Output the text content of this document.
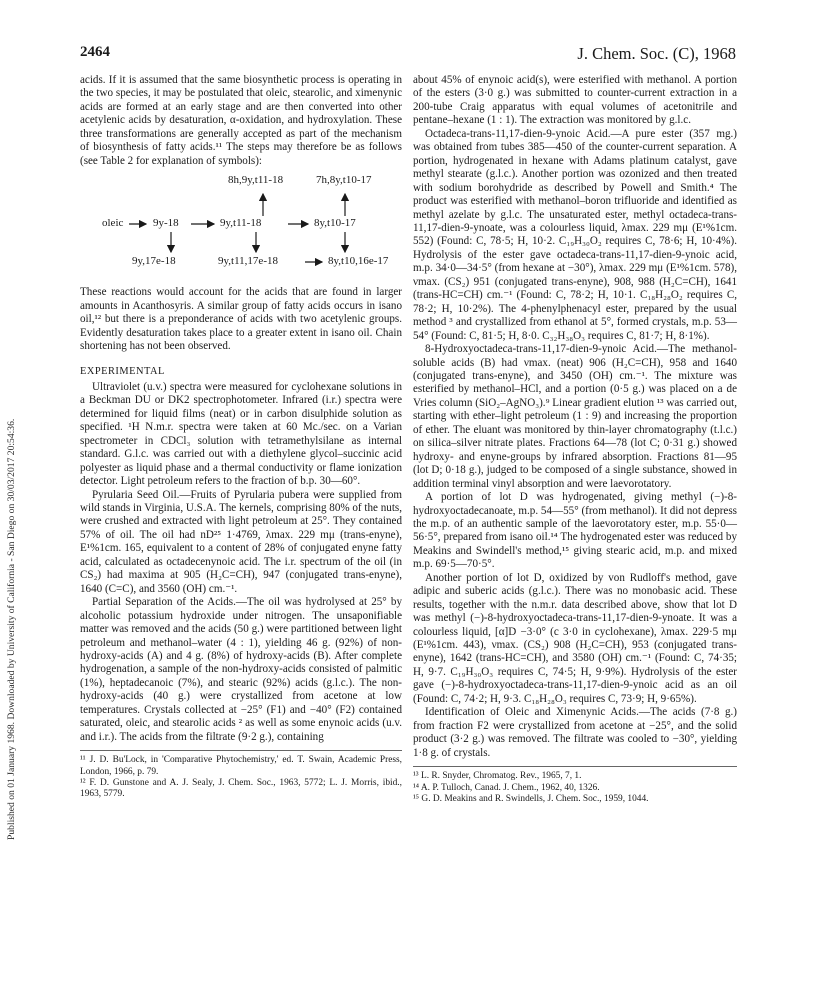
Published on 01 January 1968. Downloaded by University of California - San Diego on 30/03/2017 20:54:36.
2464	J. Chem. Soc. (C), 1968

acids. If it is assumed that the same biosynthetic process is operating in the two species, it may be postulated that oleic, stearolic, and ximenynic acids are formed at an early stage and are then converted into other acetylenic acids by desaturation, α-oxidation, and hydroxylation. These three transformations are generally accepted as part of the mechanism of biosynthesis of fatty acids.¹¹ The steps may therefore be as follows (see Table 2 for explanation of symbols):

8h,9y,t11-18	7h,8y,t10-17
oleic	9y-18	9y,t11-18	8y,t10-17
9y,17e-18	9y,t11,17e-18	8y,t10,16e-17

These reactions would account for the acids that are found in larger amounts in Acanthosyris. A similar group of fatty acids occurs in isano oil,¹² but there is a preponderance of acids with two acetylenic groups. Evidently desaturation takes place to a greater extent in isano oil. Chain shortening has not been observed.

EXPERIMENTAL

Ultraviolet (u.v.) spectra were measured for cyclohexane solutions in a Beckman DU or DK2 spectrophotometer. Infrared (i.r.) spectra were determined for liquid films (neat) or in carbon disulphide solution as specified. ¹H N.m.r. spectra were taken at 60 Mc./sec. on a Varian spectrometer in CDCl₃ solution with tetramethylsilane as internal standard. G.l.c. was carried out with a diethylene glycol–succinic acid polyester as liquid phase and a thermal conductivity or flame ionization detector. Light petroleum refers to the fraction of b.p. 30—60°.

Pyrularia Seed Oil.—Fruits of Pyrularia pubera were supplied from wild stands in Virginia, U.S.A. The kernels, comprising 80% of the nuts, were crushed and extracted with light petroleum at 25°. They contained 57% of oil. The oil had nD²⁵ 1·4769, λmax. 229 mμ (trans-enyne), E¹%1cm. 165, equivalent to a content of 28% of conjugated enyne fatty acid, calculated as octadecenynoic acid. The i.r. spectrum of the oil (in CS₂) had maxima at 905 (H₂C=CH), 947 (conjugated trans-enyne), 1640 (C=C), and 3560 (OH) cm.⁻¹.

Partial Separation of the Acids.—The oil was hydrolysed at 25° by alcoholic potassium hydroxide under nitrogen. The unsaponifiable matter was removed and the acids (50 g.) were partitioned between light petroleum and methanol–water (4 : 1), yielding 46 g. (92%) of non-hydroxy-acids (A) and 4 g. (8%) of hydroxy-acids (B). After complete hydrogenation, a sample of the non-hydroxy-acids consisted of palmitic (1%), heptadecanoic (7%), and stearic (92%) acids (g.l.c.). The non-hydroxy-acids (40 g.) were crystallized from acetone at low temperatures. Crystals collected at −25° (F1) and −40° (F2) contained saturated, oleic, and stearolic acids ² as well as some enynoic acids (u.v. and i.r.). The acids from the filtrate (9·2 g.), containing

¹¹ J. D. Bu'Lock, in 'Comparative Phytochemistry,' ed. T. Swain, Academic Press, London, 1966, p. 79.

¹² F. D. Gunstone and A. J. Sealy, J. Chem. Soc., 1963, 5772; L. J. Morris, ibid., 1963, 5779.

about 45% of enynoic acid(s), were esterified with methanol. A portion of the esters (3·0 g.) was submitted to counter-current extraction in a 200-tube Craig apparatus with equal volumes of acetonitrile and pentane–hexane (1 : 1). The extraction was monitored by g.l.c.

Octadeca-trans-11,17-dien-9-ynoic Acid.—A pure ester (357 mg.) was obtained from tubes 385—450 of the counter-current separation. A portion, hydrogenated in hexane with Adams platinum catalyst, gave methyl stearate (g.l.c.). Another portion was ozonized and then treated with sodium borohydride as described by Powell and Smith.⁴ The product was esterified with methanol–boron trifluoride and identified as methyl azelate by g.l.c. The unsaturated ester, methyl octadeca-trans-11,17-dien-9-ynoate, was a colourless liquid, λmax. 229 mμ (E¹%1cm. 552) (Found: C, 78·5; H, 10·2. C₁₉H₃₀O₂ requires C, 78·6; H, 10·4%). Hydrolysis of the ester gave octadeca-trans-11,17-dien-9-ynoic acid, m.p. 34·0—34·5° (from hexane at −30°), λmax. 229 mμ (E¹%1cm. 578), νmax. (CS₂) 951 (conjugated trans-enyne), 908, 988 (H₂C=CH), 1641 (trans-HC=CH) cm.⁻¹ (Found: C, 78·2; H, 10·1. C₁₈H₂₈O₂ requires C, 78·2; H, 10·2%). The 4-phenylphenacyl ester, prepared by the usual method ³ and crystallized from ethanol at 5°, formed crystals, m.p. 53—54° (Found: C, 81·5; H, 8·0. C₃₂H₃₈O₃ requires C, 81·7; H, 8·1%).

8-Hydroxyoctadeca-trans-11,17-dien-9-ynoic Acid.—The methanol-soluble acids (B) had νmax. (neat) 906 (H₂C=CH), 958 and 1640 (conjugated trans-enyne), and 3450 (OH) cm.⁻¹. The mixture was esterified by methanol–HCl, and a portion (0·5 g.) was placed on a de Vries column (SiO₂–AgNO₃).⁹ Linear gradient elution ¹³ was carried out, starting with ether–light petroleum (1 : 9) and increasing the proportion of ether. The eluant was monitored by thin-layer chromatography (t.l.c.) on silica–silver nitrate plates. Fractions 64—78 (lot C; 0·31 g.) showed hydroxy- and enyne-groups by infrared absorption. Fractions 81—95 (lot D; 0·18 g.), judged to be composed of a single substance, showed in addition terminal vinyl absorption and were laevorotatory.

A portion of lot D was hydrogenated, giving methyl (−)-8-hydroxyoctadecanoate, m.p. 54—55° (from methanol). It did not depress the m.p. of an authentic sample of the laevorotatory ester, m.p. 55·0—56·5°, prepared from isano oil.¹⁴ The hydrogenated ester was reduced by Meakins and Swindell's method,¹⁵ giving stearic acid, m.p. and mixed m.p. 69·5—70·5°.

Another portion of lot D, oxidized by von Rudloff's method, gave adipic and suberic acids (g.l.c.). There was no monobasic acid. These results, together with the n.m.r. data described above, show that lot D was methyl (−)-8-hydroxyoctadeca-trans-11,17-dien-9-ynoate. It was a colourless liquid, [α]D −3·0° (c 3·0 in cyclohexane), λmax. 229·5 mμ (E¹%1cm. 443), νmax. (CS₂) 908 (H₂C=CH), 953 (conjugated trans-enyne), 1642 (trans-HC=CH), and 3580 (OH) cm.⁻¹ (Found: C, 74·35; H, 9·7. C₁₉H₃₀O₃ requires C, 74·5; H, 9·9%). Hydrolysis of the ester gave (−)-8-hydroxyoctadeca-trans-11,17-dien-9-ynoic acid as an oil (Found: C, 74·2; H, 9·3. C₁₈H₂₈O₃ requires C, 73·9; H, 9·65%).

Identification of Oleic and Ximenynic Acids.—The acids (7·8 g.) from fraction F2 were crystallized from acetone at −25°, and the solid product (3·2 g.) was removed. The filtrate was cooled to −30°, yielding 1·8 g. of crystals.

¹³ L. R. Snyder, Chromatog. Rev., 1965, 7, 1.

¹⁴ A. P. Tulloch, Canad. J. Chem., 1962, 40, 1326.

¹⁵ G. D. Meakins and R. Swindells, J. Chem. Soc., 1959, 1044.
